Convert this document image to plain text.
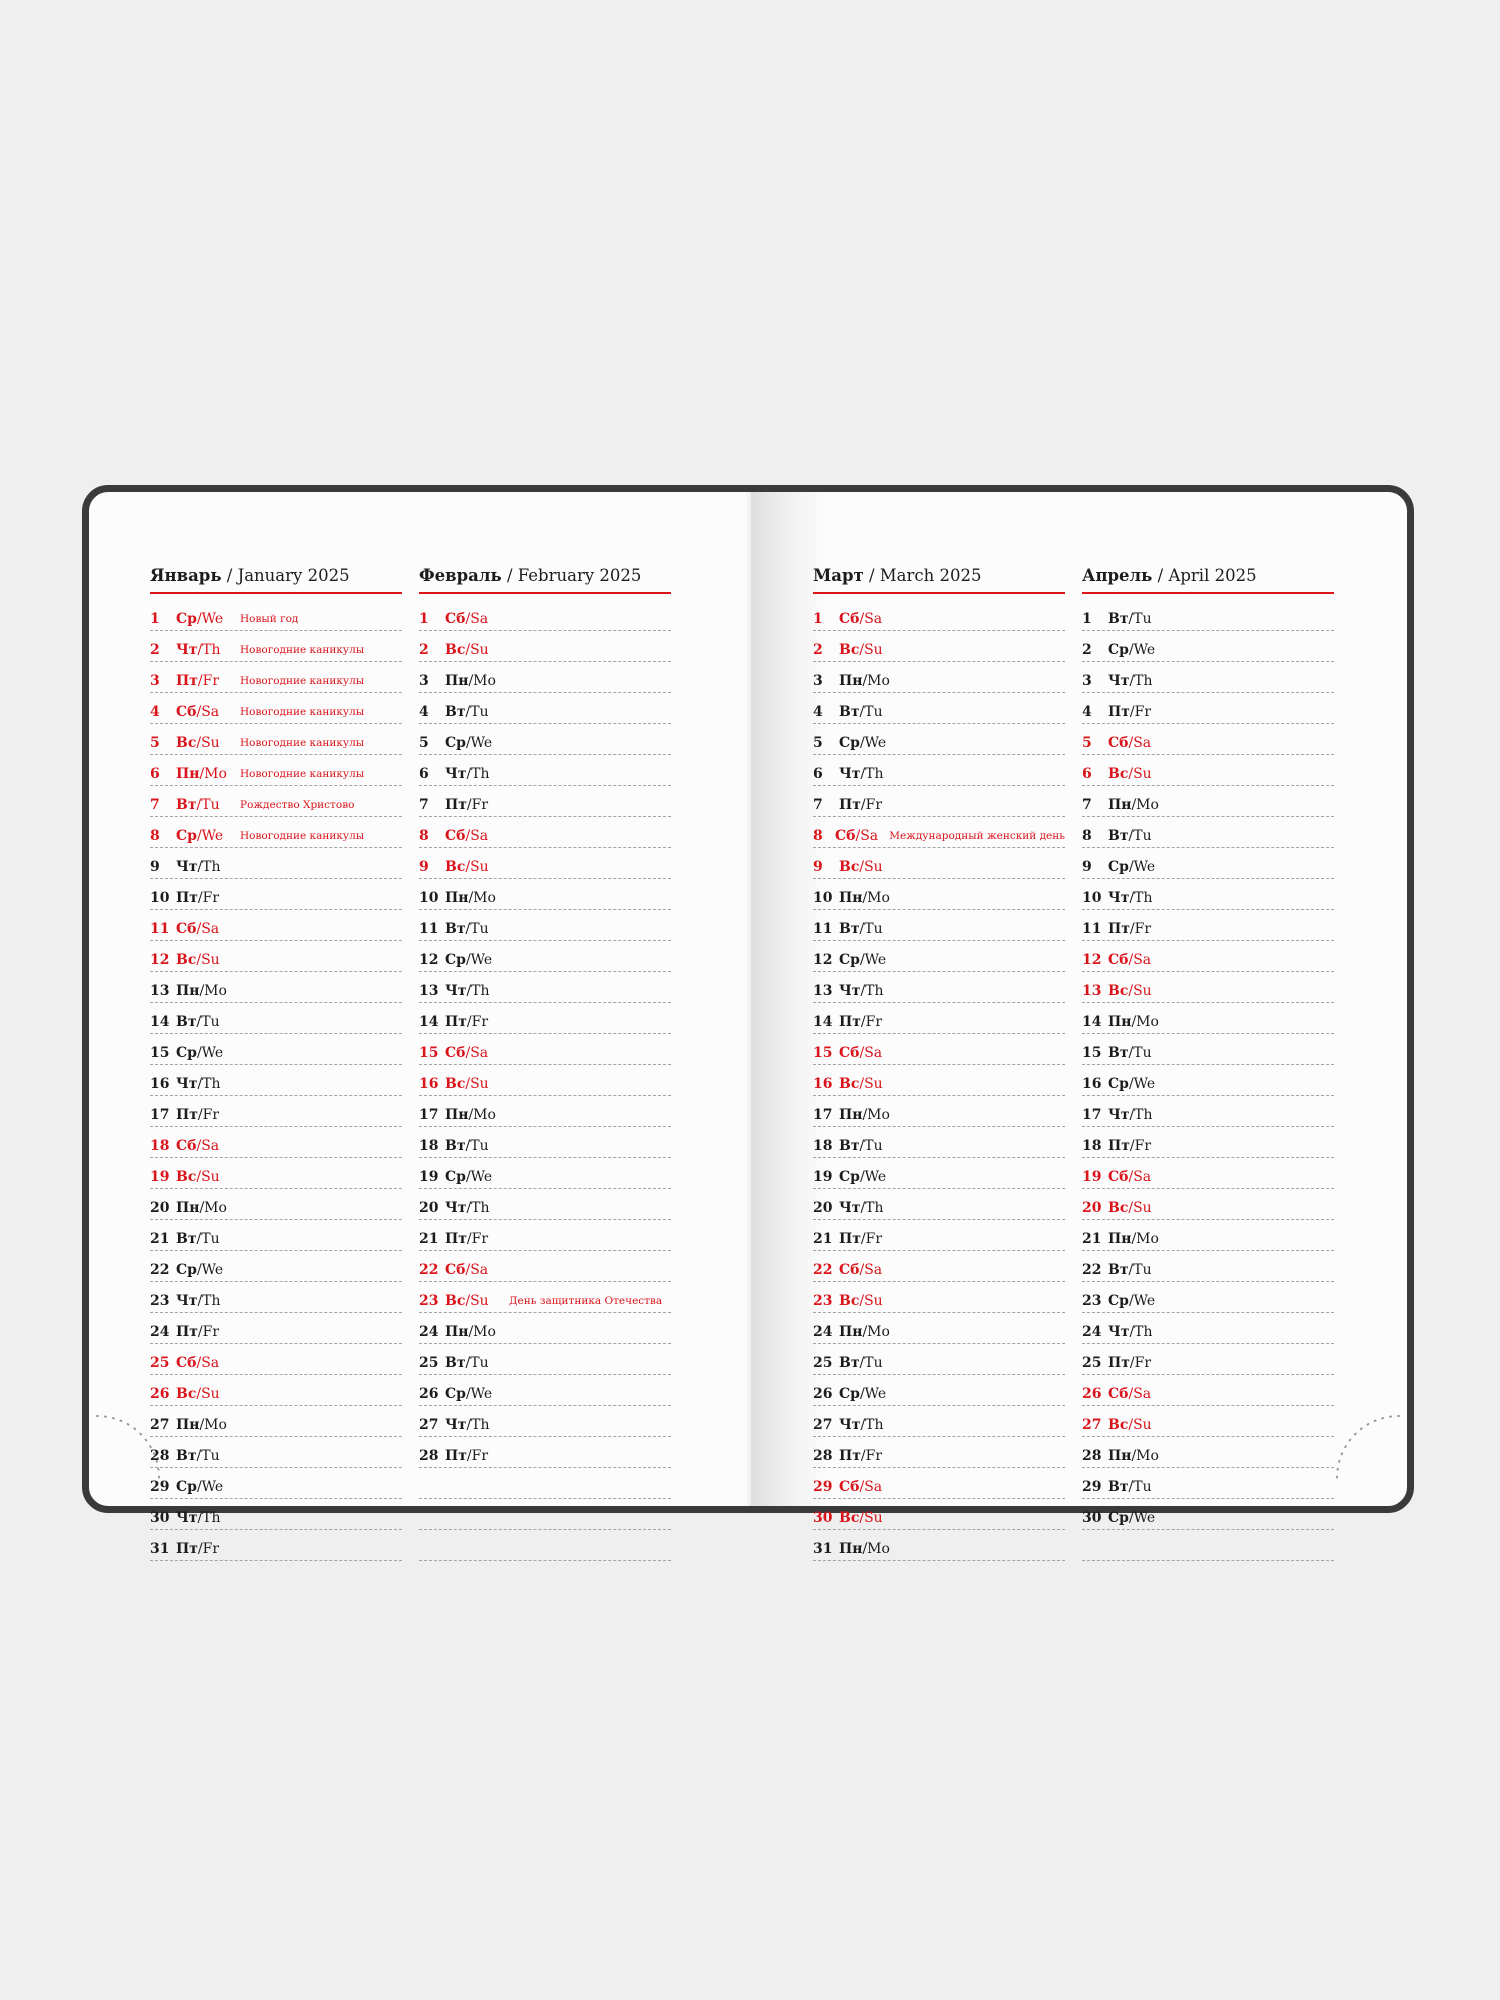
Январь / January 2025
1	Ср/We	Новый год
2	Чт/Th	Новогодние каникулы
3	Пт/Fr	Новогодние каникулы
4	Сб/Sa	Новогодние каникулы
5	Вс/Su	Новогодние каникулы
6	Пн/Mo	Новогодние каникулы
7	Вт/Tu	Рождество Христово
8	Ср/We	Новогодние каникулы
9	Чт/Th
10 Пт/Fr
11 Сб/Sa
12 Вс/Su
13 Пн/Mo
14 Вт/Tu
15 Ср/We
16 Чт/Th
17 Пт/Fr
18 Сб/Sa
19 Вс/Su
20 Пн/Mo
21 Вт/Tu
22 Ср/We
23 Чт/Th
24 Пт/Fr
25 Сб/Sa
26 Вс/Su
27 Пн/Mo
28 Вт/Tu
29 Ср/We
30 Чт/Th
31 Пт/Fr
Февраль / February 2025
1	Сб/Sa
2	Вс/Su
3	Пн/Mo
4	Вт/Tu
5	Ср/We
6	Чт/Th
7	Пт/Fr
8	Сб/Sa
9	Вс/Su
10 Пн/Mo
11 Вт/Tu
12 Ср/We
13 Чт/Th
14 Пт/Fr
15 Сб/Sa
16 Вс/Su
17 Пн/Mo
18 Вт/Tu
19 Ср/We
20 Чт/Th
21 Пт/Fr
22 Сб/Sa
23 Вс/Su	День защитника Отечества
24 Пн/Mo
25 Вт/Tu
26 Ср/We
27 Чт/Th
28 Пт/Fr
Март / March 2025
1	Сб/Sa
2	Вс/Su
3	Пн/Mo
4	Вт/Tu
5	Ср/We
6	Чт/Th
7	Пт/Fr
8 Сб/Sa	Международный женский день
9	Вс/Su
10 Пн/Mo
11 Вт/Tu
12 Ср/We
13 Чт/Th
14 Пт/Fr
15 Сб/Sa
16 Вс/Su
17 Пн/Mo
18 Вт/Tu
19 Ср/We
20 Чт/Th
21 Пт/Fr
22 Сб/Sa
23 Вс/Su
24 Пн/Mo
25 Вт/Tu
26 Ср/We
27 Чт/Th
28 Пт/Fr
29 Сб/Sa
30 Вс/Su
31 Пн/Mo
Апрель / April 2025
1	Вт/Tu
2	Ср/We
3	Чт/Th
4	Пт/Fr
5	Сб/Sa
6	Вс/Su
7	Пн/Mo
8	Вт/Tu
9	Ср/We
10 Чт/Th
11 Пт/Fr
12 Сб/Sa
13 Вс/Su
14 Пн/Mo
15 Вт/Tu
16 Ср/We
17 Чт/Th
18 Пт/Fr
19 Сб/Sa
20 Вс/Su
21 Пн/Mo
22 Вт/Tu
23 Ср/We
24 Чт/Th
25 Пт/Fr
26 Сб/Sa
27 Вс/Su
28 Пн/Mo
29 Вт/Tu
30 Ср/We
